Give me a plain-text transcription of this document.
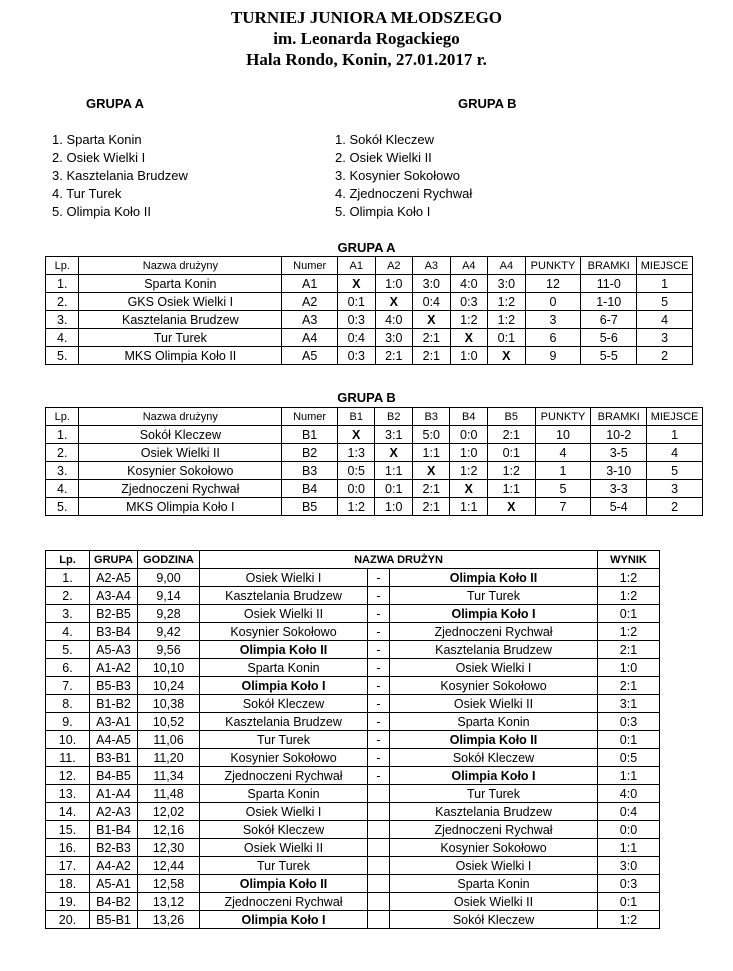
TURNIEJ JUNIORA MŁODSZEGO
im. Leonarda Rogackiego
Hala Rondo, Konin, 27.01.2017 r.
GRUPA A	GRUPA B
1. Sparta Konin
2. Osiek Wielki I
3. Kasztelania Brudzew
4. Tur Turek
5. Olimpia Koło II
1. Sokół Kleczew
2. Osiek Wielki II
3. Kosynier Sokołowo
4. Zjednoczeni Rychwał
5. Olimpia Koło I
GRUPA A
Lp.	Nazwa drużyny	Numer	A1	A2	A3	A4	A4	PUNKTY	BRAMKI	MIEJSCE
1.	Sparta Konin	A1	X	1:0	3:0	4:0	3:0	12	11-0	1
2.	GKS Osiek Wielki I	A2	0:1	X	0:4	0:3	1:2	0	1-10	5
3.	Kasztelania Brudzew	A3	0:3	4:0	X	1:2	1:2	3	6-7	4
4.	Tur Turek	A4	0:4	3:0	2:1	X	0:1	6	5-6	3
5.	MKS Olimpia Koło II	A5	0:3	2:1	2:1	1:0	X	9	5-5	2
GRUPA B
Lp.	Nazwa drużyny	Numer	B1	B2	B3	B4	B5	PUNKTY	BRAMKI	MIEJSCE
1.	Sokół Kleczew	B1	X	3:1	5:0	0:0	2:1	10	10-2	1
2.	Osiek Wielki II	B2	1:3	X	1:1	1:0	0:1	4	3-5	4
3.	Kosynier Sokołowo	B3	0:5	1:1	X	1:2	1:2	1	3-10	5
4.	Zjednoczeni Rychwał	B4	0:0	0:1	2:1	X	1:1	5	3-3	3
5.	MKS Olimpia Koło I	B5	1:2	1:0	2:1	1:1	X	7	5-4	2
Lp.	GRUPA	GODZINA	NAZWA DRUŻYN			WYNIK
1.	A2-A5	9,00	Osiek Wielki I	-	Olimpia Koło II	1:2
2.	A3-A4	9,14	Kasztelania Brudzew	-	Tur Turek	1:2
3.	B2-B5	9,28	Osiek Wielki II	-	Olimpia Koło I	0:1
4.	B3-B4	9,42	Kosynier Sokołowo	-	Zjednoczeni Rychwał	1:2
5.	A5-A3	9,56	Olimpia Koło II	-	Kasztelania Brudzew	2:1
6.	A1-A2	10,10	Sparta Konin	-	Osiek Wielki I	1:0
7.	B5-B3	10,24	Olimpia Koło I	-	Kosynier Sokołowo	2:1
8.	B1-B2	10,38	Sokół Kleczew	-	Osiek Wielki II	3:1
9.	A3-A1	10,52	Kasztelania Brudzew	-	Sparta Konin	0:3
10.	A4-A5	11,06	Tur Turek	-	Olimpia Koło II	0:1
11.	B3-B1	11,20	Kosynier Sokołowo	-	Sokół Kleczew	0:5
12.	B4-B5	11,34	Zjednoczeni Rychwał	-	Olimpia Koło I	1:1
13.	A1-A4	11,48	Sparta Konin		Tur Turek	4:0
14.	A2-A3	12,02	Osiek Wielki I		Kasztelania Brudzew	0:4
15.	B1-B4	12,16	Sokół Kleczew		Zjednoczeni Rychwał	0:0
16.	B2-B3	12,30	Osiek Wielki II		Kosynier Sokołowo	1:1
17.	A4-A2	12,44	Tur Turek		Osiek Wielki I	3:0
18.	A5-A1	12,58	Olimpia Koło II		Sparta Konin	0:3
19.	B4-B2	13,12	Zjednoczeni Rychwał		Osiek Wielki II	0:1
20.	B5-B1	13,26	Olimpia Koło I		Sokół Kleczew	1:2
